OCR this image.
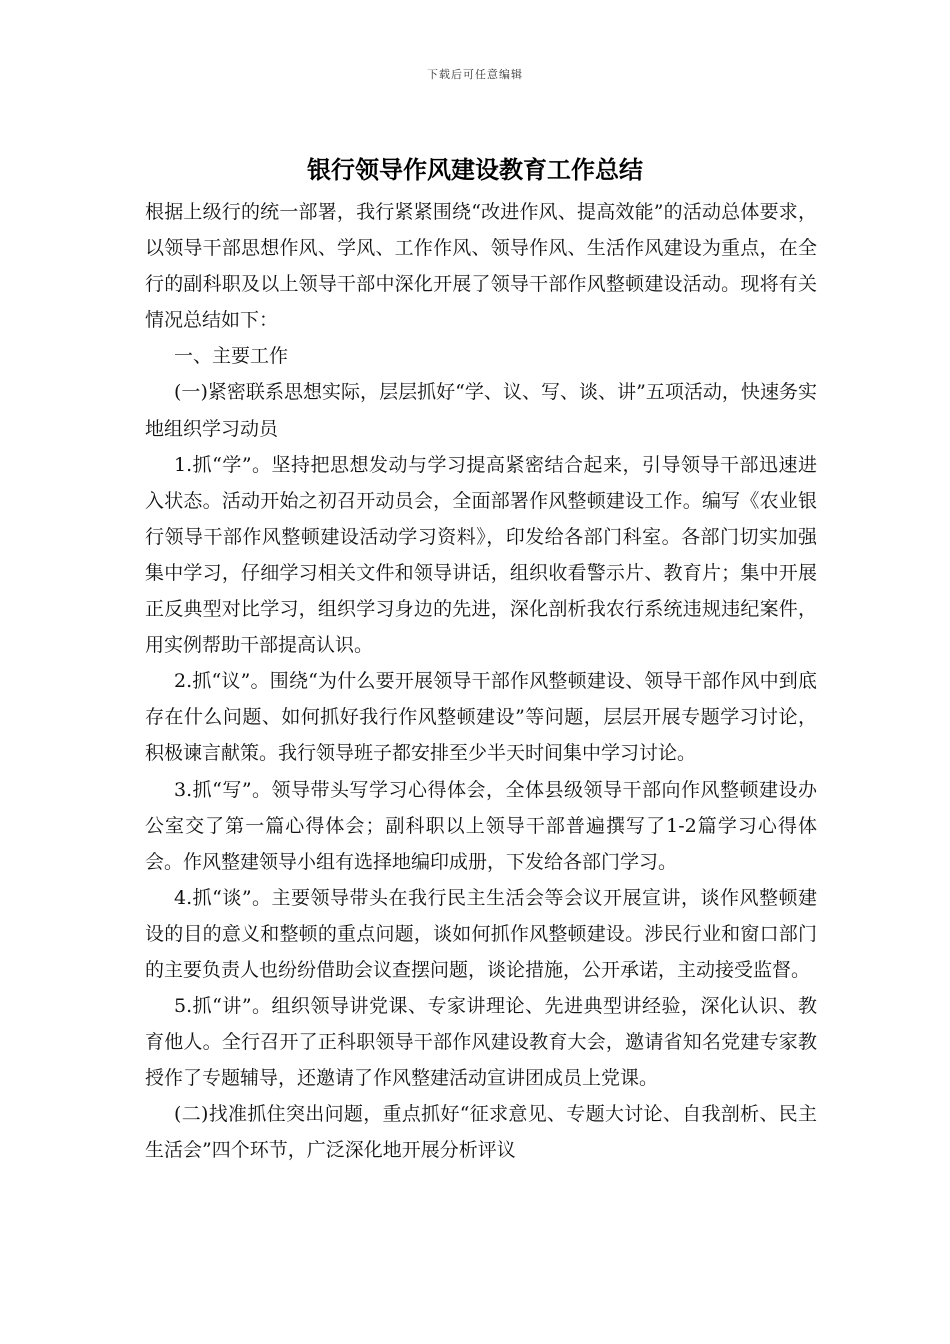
下载后可任意编辑
银行领导作风建设教育工作总结

根据上级行的统一部署，我行紧紧围绕“改进作风、提高效能”的活动总体要求，以领导干部思想作风、学风、工作作风、领导作风、生活作风建设为重点，在全行的副科职及以上领导干部中深化开展了领导干部作风整顿建设活动。现将有关情况总结如下：

一、主要工作

(一)紧密联系思想实际，层层抓好“学、议、写、谈、讲”五项活动，快速务实地组织学习动员

1.抓“学”。坚持把思想发动与学习提高紧密结合起来，引导领导干部迅速进入状态。活动开始之初召开动员会，全面部署作风整顿建设工作。编写《农业银行领导干部作风整顿建设活动学习资料》，印发给各部门科室。各部门切实加强集中学习，仔细学习相关文件和领导讲话，组织收看警示片、教育片；集中开展正反典型对比学习，组织学习身边的先进，深化剖析我农行系统违规违纪案件，用实例帮助干部提高认识。

2.抓“议”。围绕“为什么要开展领导干部作风整顿建设、领导干部作风中到底存在什么问题、如何抓好我行作风整顿建设”等问题，层层开展专题学习讨论，积极谏言献策。我行领导班子都安排至少半天时间集中学习讨论。

3.抓“写”。领导带头写学习心得体会，全体县级领导干部向作风整顿建设办公室交了第一篇心得体会；副科职以上领导干部普遍撰写了1-2篇学习心得体会。作风整建领导小组有选择地编印成册，下发给各部门学习。

4.抓“谈”。主要领导带头在我行民主生活会等会议开展宣讲，谈作风整顿建设的目的意义和整顿的重点问题，谈如何抓作风整顿建设。涉民行业和窗口部门的主要负责人也纷纷借助会议查摆问题，谈论措施，公开承诺，主动接受监督。

5.抓“讲”。组织领导讲党课、专家讲理论、先进典型讲经验，深化认识、教育他人。全行召开了正科职领导干部作风建设教育大会，邀请省知名党建专家教授作了专题辅导，还邀请了作风整建活动宣讲团成员上党课。

(二)找准抓住突出问题，重点抓好“征求意见、专题大讨论、自我剖析、民主生活会”四个环节，广泛深化地开展分析评议
